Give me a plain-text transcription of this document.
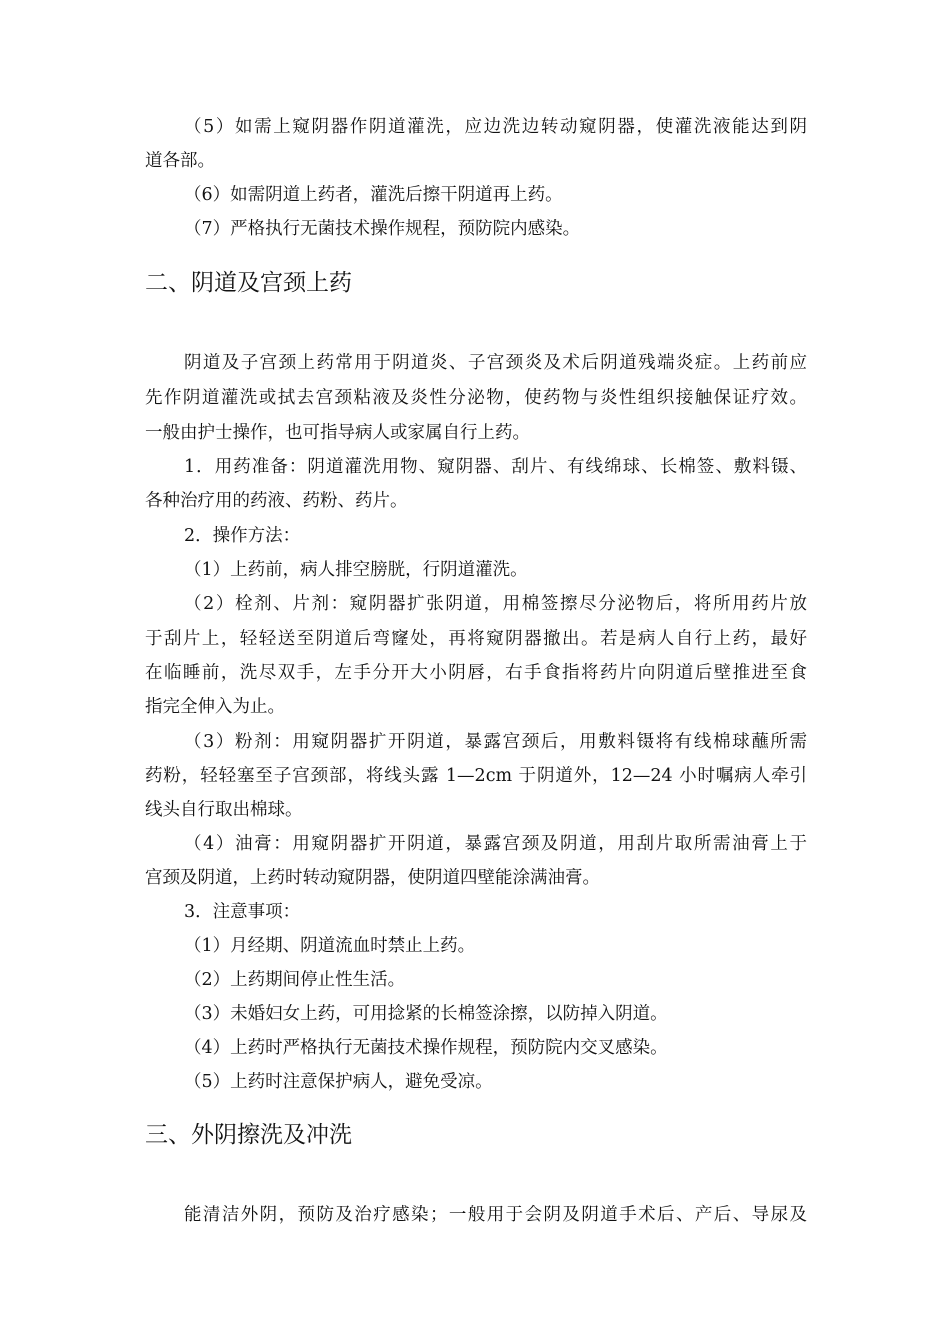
（5）如需上窥阴器作阴道灌洗，应边洗边转动窥阴器，使灌洗液能达到阴
道各部。
（6）如需阴道上药者，灌洗后擦干阴道再上药。
（7）严格执行无菌技术操作规程，预防院内感染。
二、阴道及宫颈上药
阴道及子宫颈上药常用于阴道炎、子宫颈炎及术后阴道残端炎症。上药前应
先作阴道灌洗或拭去宫颈粘液及炎性分泌物，使药物与炎性组织接触保证疗效。
一般由护士操作，也可指导病人或家属自行上药。
1．用药准备：阴道灌洗用物、窥阴器、刮片、有线绵球、长棉签、敷料镊、
各种治疗用的药液、药粉、药片。
2．操作方法：
（1）上药前，病人排空膀胱，行阴道灌洗。
（2）栓剂、片剂：窥阴器扩张阴道，用棉签擦尽分泌物后，将所用药片放
于刮片上，轻轻送至阴道后弯窿处，再将窥阴器撤出。若是病人自行上药，最好
在临睡前，洗尽双手，左手分开大小阴唇，右手食指将药片向阴道后壁推进至食
指完全伸入为止。
（3）粉剂：用窥阴器扩开阴道，暴露宫颈后，用敷料镊将有线棉球蘸所需
药粉，轻轻塞至子宫颈部，将线头露 1—2cm 于阴道外，12—24 小时嘱病人牵引
线头自行取出棉球。
（4）油膏：用窥阴器扩开阴道，暴露宫颈及阴道，用刮片取所需油膏上于
宫颈及阴道，上药时转动窥阴器，使阴道四壁能涂满油膏。
3．注意事项：
（1）月经期、阴道流血时禁止上药。
（2）上药期间停止性生活。
（3）未婚妇女上药，可用捻紧的长棉签涂擦，以防掉入阴道。
（4）上药时严格执行无菌技术操作规程，预防院内交叉感染。
（5）上药时注意保护病人，避免受凉。
三、外阴擦洗及冲洗
能清洁外阴，预防及治疗感染；一般用于会阴及阴道手术后、产后、导尿及
